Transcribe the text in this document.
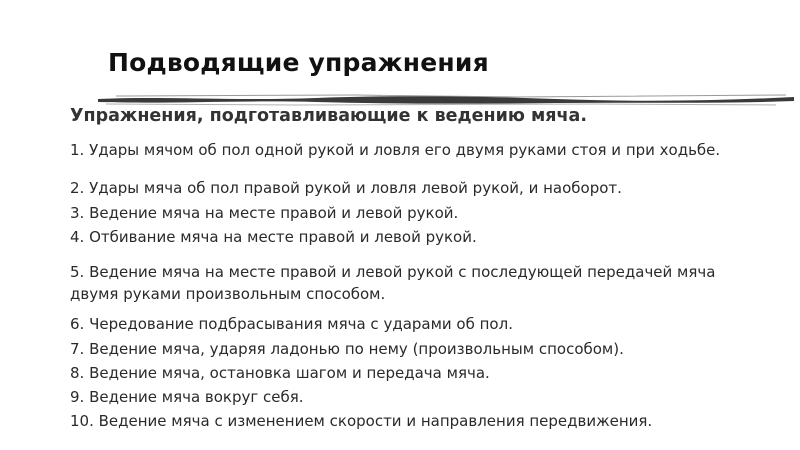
Подводящие упражнения
Упражнения, подготавливающие к ведению мяча.
1. Удары мячом об пол одной рукой и ловля его двумя руками стоя и при ходьбе.
2. Удары мяча об пол правой рукой и ловля левой рукой, и наоборот.
3. Ведение мяча на месте правой и левой рукой.
4. Отбивание мяча на месте правой и левой рукой.
5. Ведение мяча на месте правой и левой рукой с последующей передачей мяча двумя руками произвольным способом.
6. Чередование подбрасывания мяча с ударами об пол.
7. Ведение мяча, ударяя ладонью по нему (произвольным способом).
8. Ведение мяча, остановка шагом и передача мяча.
9. Ведение мяча вокруг себя.
10. Ведение мяча с изменением скорости и направления передвижения.
